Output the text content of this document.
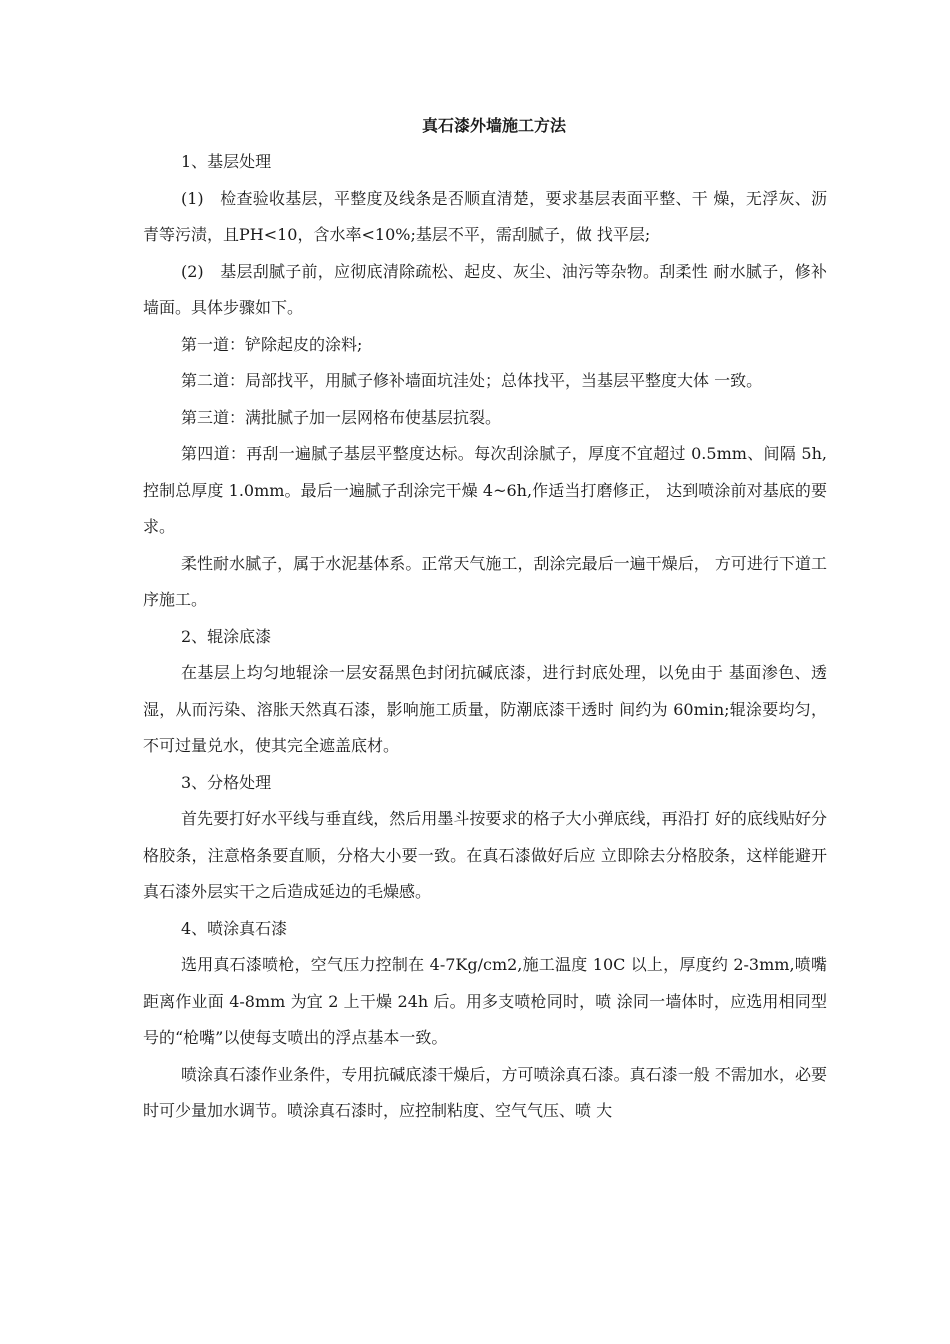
真石漆外墙施工方法

1、基层处理

(1)　检查验收基层，平整度及线条是否顺直清楚，要求基层表面平整、干 燥，无浮灰、沥青等污渍，且PH<10，含水率<10%;基层不平，需刮腻子，做 找平层;

(2)　基层刮腻子前，应彻底清除疏松、起皮、灰尘、油污等杂物。刮柔性 耐水腻子，修补墙面。具体步骤如下。

第一道：铲除起皮的涂料;

第二道：局部找平，用腻子修补墙面坑洼处；总体找平，当基层平整度大体 一致。

第三道：满批腻子加一层网格布使基层抗裂。

第四道：再刮一遍腻子基层平整度达标。每次刮涂腻子，厚度不宜超过 0.5mm、间隔 5h,控制总厚度 1.0mm。最后一遍腻子刮涂完干燥 4~6h,作适当打磨修正， 达到喷涂前对基底的要求。

柔性耐水腻子，属于水泥基体系。正常天气施工，刮涂完最后一遍干燥后， 方可进行下道工序施工。

2、辊涂底漆

在基层上均匀地辊涂一层安磊黑色封闭抗碱底漆，进行封底处理，以免由于 基面渗色、透湿，从而污染、溶胀天然真石漆，影响施工质量，防潮底漆干透时 间约为 60min;辊涂要均匀，不可过量兑水，使其完全遮盖底材。

3、分格处理

首先要打好水平线与垂直线，然后用墨斗按要求的格子大小弹底线，再沿打 好的底线贴好分格胶条，注意格条要直顺，分格大小要一致。在真石漆做好后应 立即除去分格胶条，这样能避开真石漆外层实干之后造成延边的毛燥感。

4、喷涂真石漆

选用真石漆喷枪，空气压力控制在 4-7Kg/cm2,施工温度 10C 以上，厚度约 2-3mm,喷嘴距离作业面 4-8mm 为宜 2 上干燥 24h 后。用多支喷枪同时，喷 涂同一墙体时，应选用相同型号的“枪嘴”以使每支喷出的浮点基本一致。

喷涂真石漆作业条件，专用抗碱底漆干燥后，方可喷涂真石漆。真石漆一般 不需加水，必要时可少量加水调节。喷涂真石漆时，应控制粘度、空气气压、喷 大
